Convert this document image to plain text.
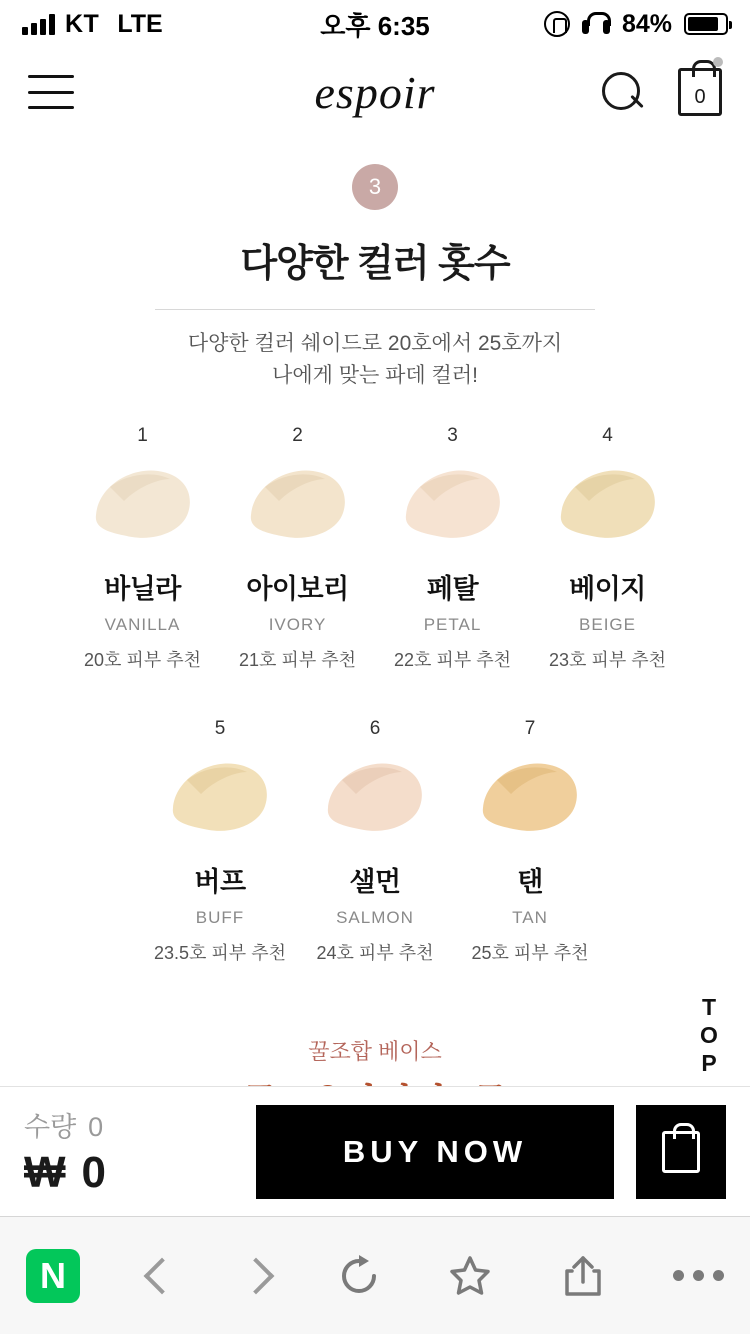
KT LTE	오후 6:35	84%
espoir	0
3
다양한 컬러 홋수
다양한 컬러 쉐이드로 20호에서 25호까지
나에게 맞는 파데 컬러!
1
바닐라
VANILLA
20호 피부 추천
2
아이보리
IVORY
21호 피부 추천
3
페탈
PETAL
22호 피부 추천
4
베이지
BEIGE
23호 피부 추천
5
버프
BUFF
23.5호 피부 추천
6
샐먼
SALMON
24호 피부 추천
7
탠
TAN
25호 피부 추천
TOP
꿀조합 베이스
수량 0
₩ 0	BUY NOW
N
